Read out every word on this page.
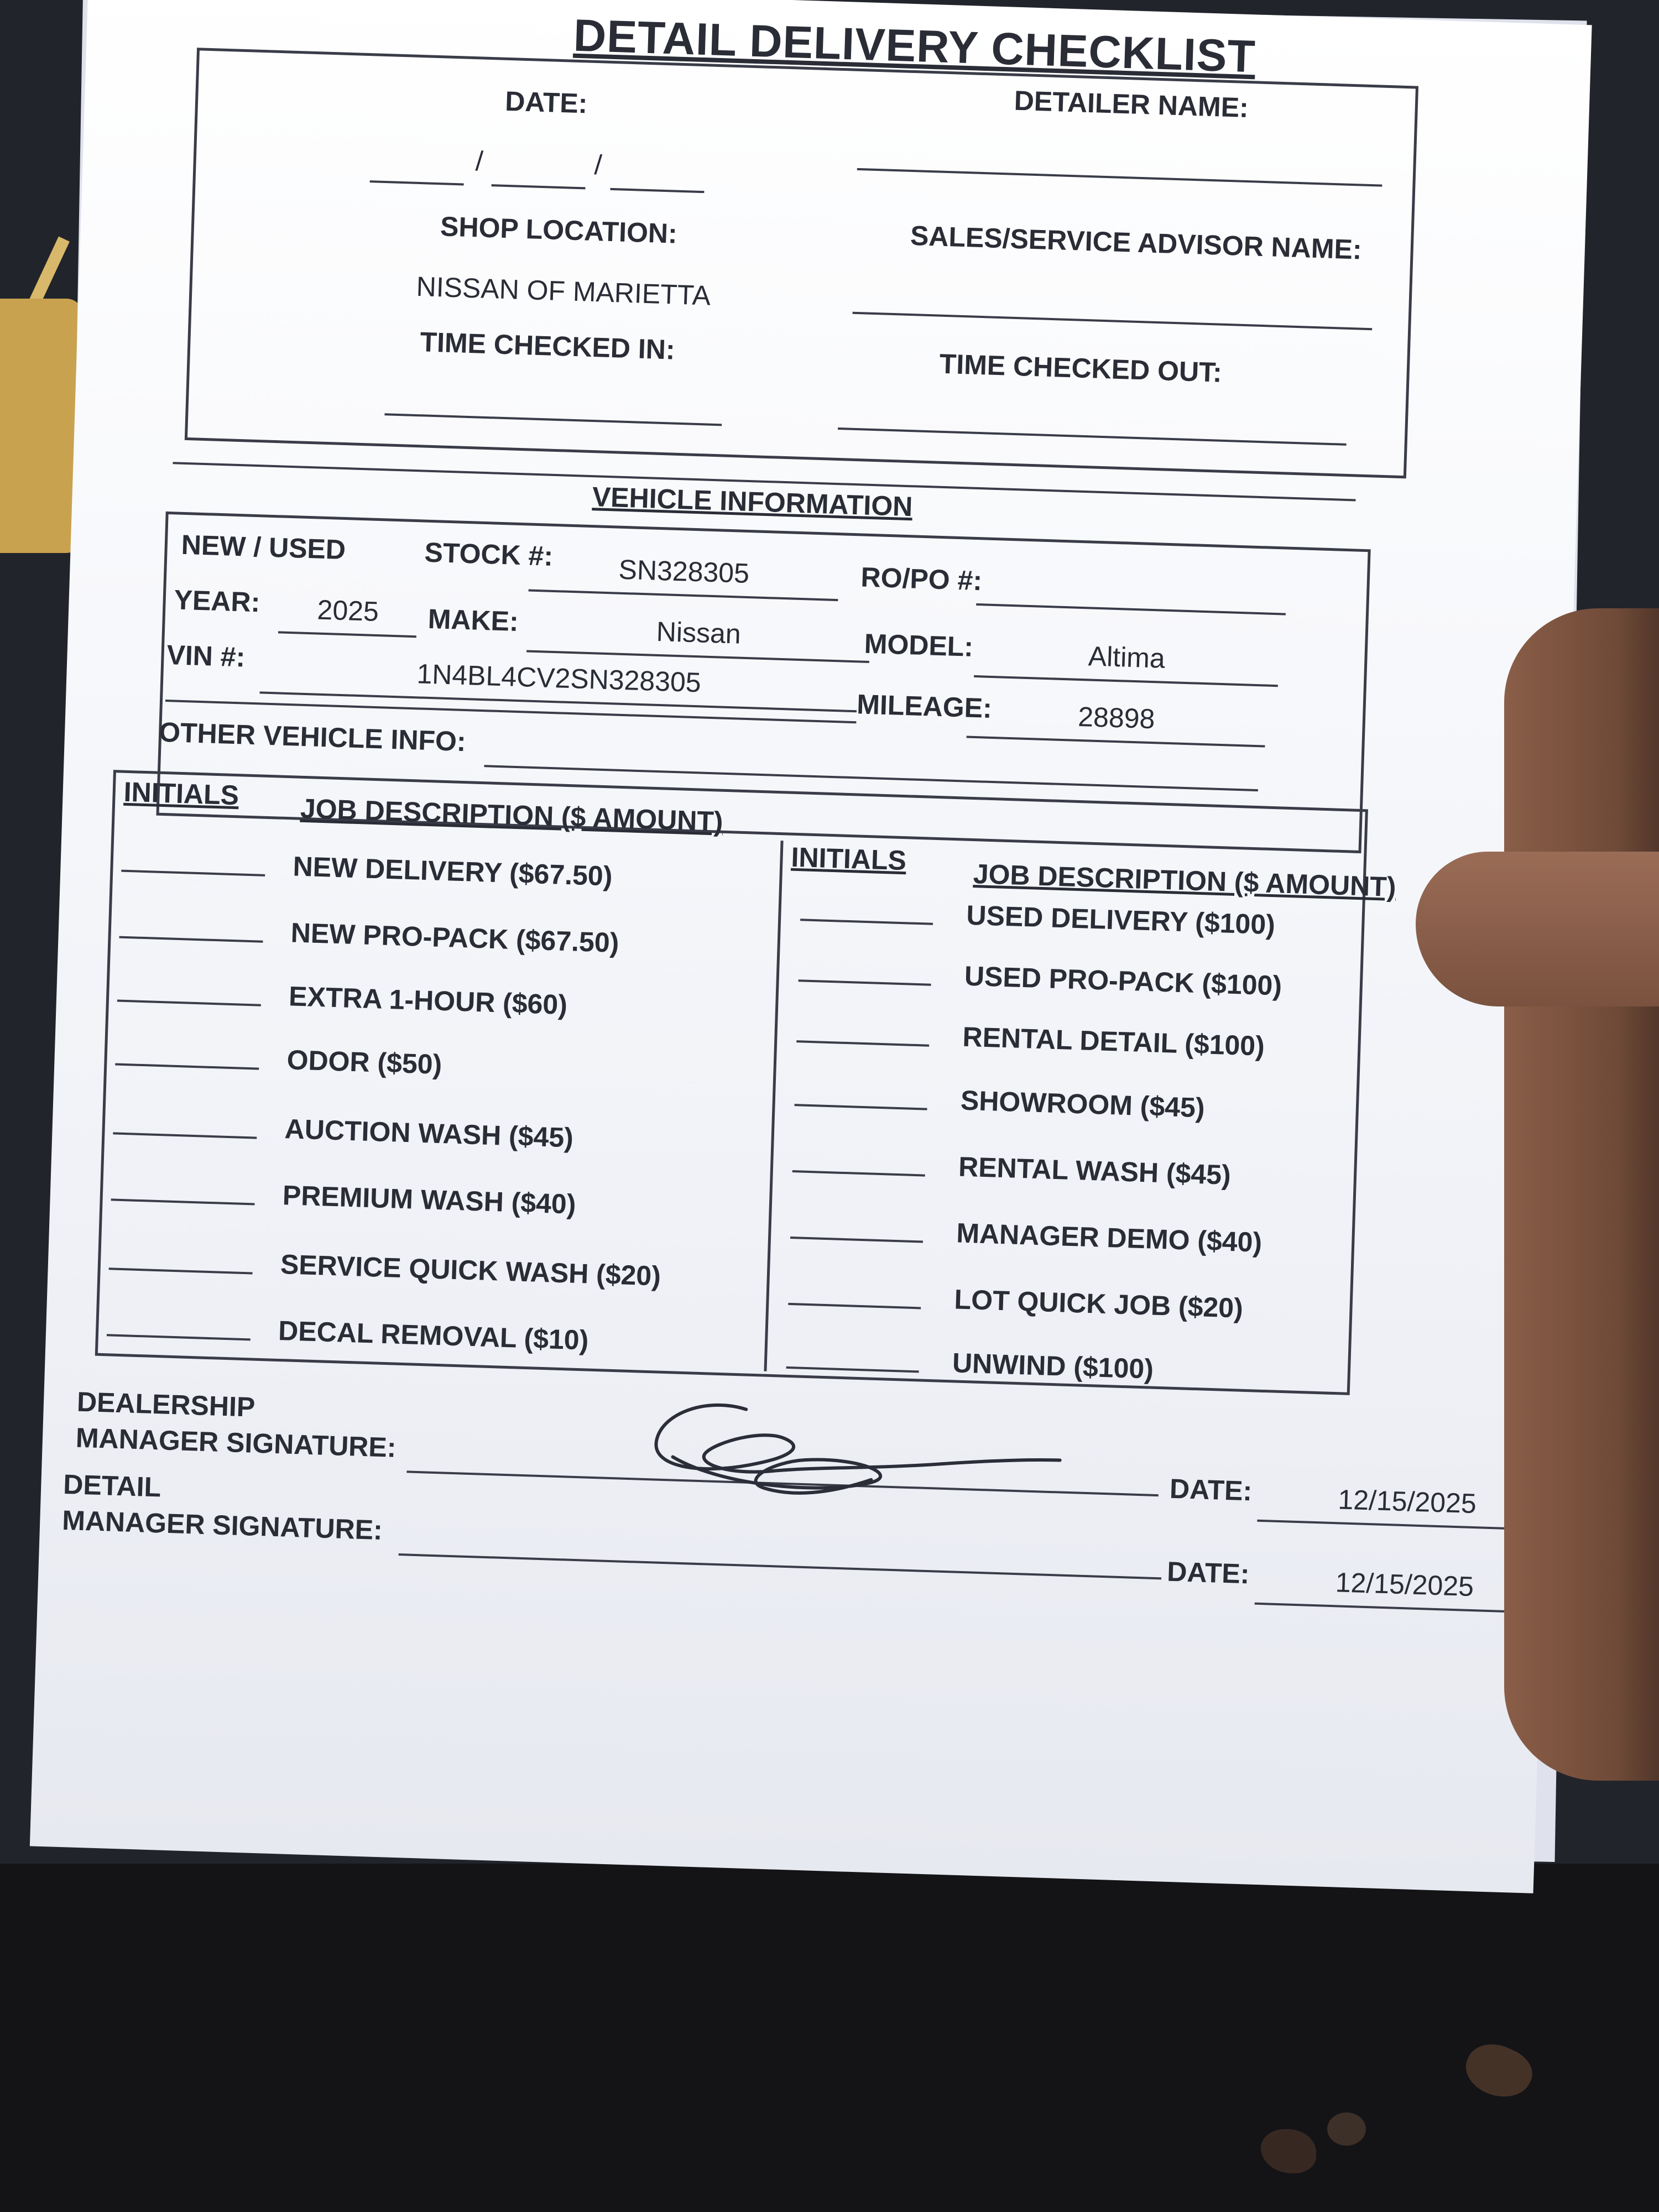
DETAIL DELIVERY CHECKLIST
DATE:
/	/
DETAILER NAME:
SHOP LOCATION:
NISSAN OF MARIETTA
SALES/SERVICE ADVISOR NAME:
TIME CHECKED IN:
TIME CHECKED OUT:
VEHICLE INFORMATION
NEW / USED	STOCK #:	SN328305	RO/PO #:
YEAR:	2025	MAKE:	Nissan	MODEL:	Altima
VIN #:
1N4BL4CV2SN328305
MILEAGE:	28898
OTHER VEHICLE INFO:
INITIALS JOB DESCRIPTION ($ AMOUNT)
INITIALS JOB DESCRIPTION ($ AMOUNT)
NEW DELIVERY ($67.50)
NEW PRO-PACK ($67.50)
EXTRA 1-HOUR ($60)
ODOR ($50)
AUCTION WASH ($45)
PREMIUM WASH ($40)
SERVICE QUICK WASH ($20)
DECAL REMOVAL ($10)
USED DELIVERY ($100)
USED PRO-PACK ($100)
RENTAL DETAIL ($100)
SHOWROOM ($45)
RENTAL WASH ($45)
MANAGER DEMO ($40)
LOT QUICK JOB ($20)
UNWIND ($100)
DEALERSHIP
MANAGER SIGNATURE:
DATE:	12/15/2025
DETAIL
MANAGER SIGNATURE:
DATE:	12/15/2025
